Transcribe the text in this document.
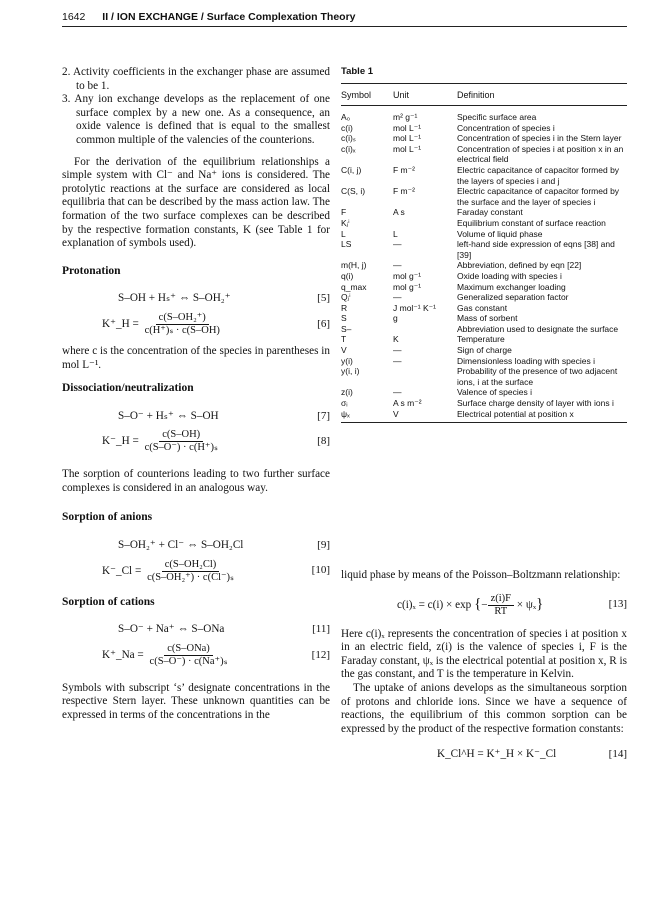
1642 II / ION EXCHANGE / Surface Complexation Theory

2. Activity coefficients in the exchanger phase are assumed to be 1.

3. Any ion exchange develops as the replacement of one surface complex by a new one. As a consequence, an oxide valence is defined that is equal to the smallest common multiple of the valencies of the counterions.

For the derivation of the equilibrium relationships a simple system with Cl⁻ and Na⁺ ions is considered. The protolytic reactions at the surface are considered as local equilibria that can be described by the mass action law. The formation of the two surface complexes can be described by the respective formation constants, K (see Table 1 for explanation of symbols used).

Protonation

S–OH + Hₛ⁺ ⇔ S–OH₂⁺	[5]
K⁺_H = $\frac{\text{c(S–OH₂⁺)}}{\text{c(H⁺)ₛ · c(S–OH)}}$	[6]

where c is the concentration of the species in parentheses in mol L⁻¹.

Dissociation/neutralization

S–O⁻ + Hₛ⁺ ⇔ S–OH	[7]
K⁻_H = $\frac{c(S-OH)}{\text{c(S–O⁻) · c(H⁺)ₛ}}$	[8]

The sorption of counterions leading to two further surface complexes is considered in an analogous way.

Sorption of anions

S–OH₂⁺ + Cl⁻ ⇔ S–OH₂Cl	[9]
K⁻_Cl = $\frac{\text{c(S–OH₂Cl)}}{\text{c(S–OH₂⁺) · c(Cl⁻)ₛ}}$	[10]

Sorption of cations

S–O⁻ + Na⁺ ⇔ S–ONa	[11]
K⁺_Na = $\frac{\text{c(S–ONa)}}{\text{c(S–O⁻) · c(Na⁺)ₛ}}$	[12]

Symbols with subscript ‘s’ designate concentrations in the respective Stern layer. These unknown quantities can be expressed in terms of the concentrations in the

Table 1
Symbol	Unit	Definition
A₀	m² g⁻¹	Specific surface area
c(i)	mol L⁻¹	Concentration of species i
c(i)ₛ	mol L⁻¹	Concentration of species i in the Stern layer
c(i)ₓ	mol L⁻¹	Concentration of species i at position x in an electrical field
C(i, j)	F m⁻²	Electric capacitance of capacitor formed by the layers of species i and j
C(S, i)	F m⁻²	Electric capacitance of capacitor formed by the surface and the layer of species i
F	A s	Faraday constant
Kⱼⁱ		Equilibrium constant of surface reaction
L	L	Volume of liquid phase
LS	—	left-hand side expression of eqns [38] and [39]
m(H, j)	—	Abbreviation, defined by eqn [22]
q(i)	mol g⁻¹	Oxide loading with species i
q_max	mol g⁻¹	Maximum exchanger loading
Qⱼⁱ	—	Generalized separation factor
R	J mol⁻¹ K⁻¹	Gas constant
S	g	Mass of sorbent
S–		Abbreviation used to designate the surface
T	K	Temperature
V	—	Sign of charge
y(i)	—	Dimensionless loading with species i
y(i, i)		Probability of the presence of two adjacent ions, i at the surface
z(i)	—	Valence of species i
σᵢ	A s m⁻²	Surface charge density of layer with ions i
ψₓ	V	Electrical potential at position x

liquid phase by means of the Poisson–Boltzmann relationship:

c(i)ₓ = c(i) × exp {− $\frac{z(i)F}{RT} \times \psi_x$}	[13]

Here c(i)ₓ represents the concentration of species i at position x in an electric field, z(i) is the valence of species i, F is the Faraday constant, ψₓ is the electrical potential at position x, R is the gas constant, and T is the temperature in Kelvin.

The uptake of anions develops as the simultaneous sorption of protons and chloride ions. Since we have a sequence of reactions, the equilibrium of this common sorption can be expressed by the product of the respective formation constants:

K_Cl^H = K⁺_H × K⁻_Cl	[14]
